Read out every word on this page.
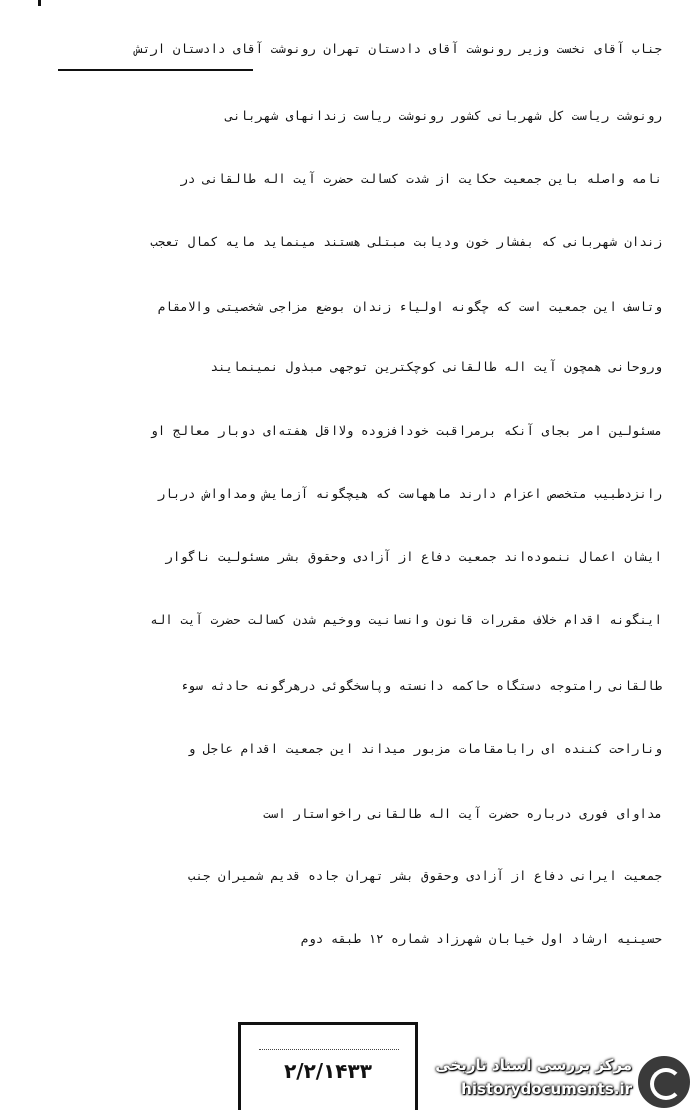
جناب آقای نخست وزیر رونوشت آقای دادستان تهران رونوشت آقای دادستان ارتش
رونوشت ریاست کل شهربانی کشور رونوشت ریاست زندانهای شهربانی
نامه واصله باین جمعیت حکایت از شدت کسالت حضرت آیت اله طالقانی در
زندان شهربانی که بفشار خون ودیابت مبتلی هستند مینماید مایه کمال تعجب
وتاسف این جمعیت است که چگونه اولیاء زندان بوضع مزاجی شخصیتی والامقام
وروحانی همچون آیت اله طالقانی کوچکترین توجهی مبذول نمینمایند
مسئولین امر بجای آنکه برمراقبت خودافزوده ولااقل هفته‌ای دوبار معالج او
رانزدطبیب متخصص اعزام دارند ماههاست که هیچگونه آزمایش ومداواش دربار
ایشان اعمال ننموده‌اند جمعیت دفاع از آزادی وحقوق بشر مسئولیت ناگوار
اینگونه اقدام خلاف مقررات قانون وانسانیت ووخیم شدن کسالت حضرت آیت اله
طالقانی رامتوجه دستگاه حاکمه دانسته وپاسخگوئی درهرگونه حادثه سوء
وناراحت کننده ای رابامقامات مزبور میداند این جمعیت اقدام عاجل و
مداوای فوری درباره حضرت آیت اله طالقانی راخواستار است
جمعیت ایرانی دفاع از آزادی وحقوق بشر تهران جاده قدیم شمیران جنب
حسینیه ارشاد اول خیابان شهرزاد شماره ۱۲ طبقه دوم
۲/۲/۱۴۳۳	مرکز بررسی اسناد تاریخی
historydocuments.ir
